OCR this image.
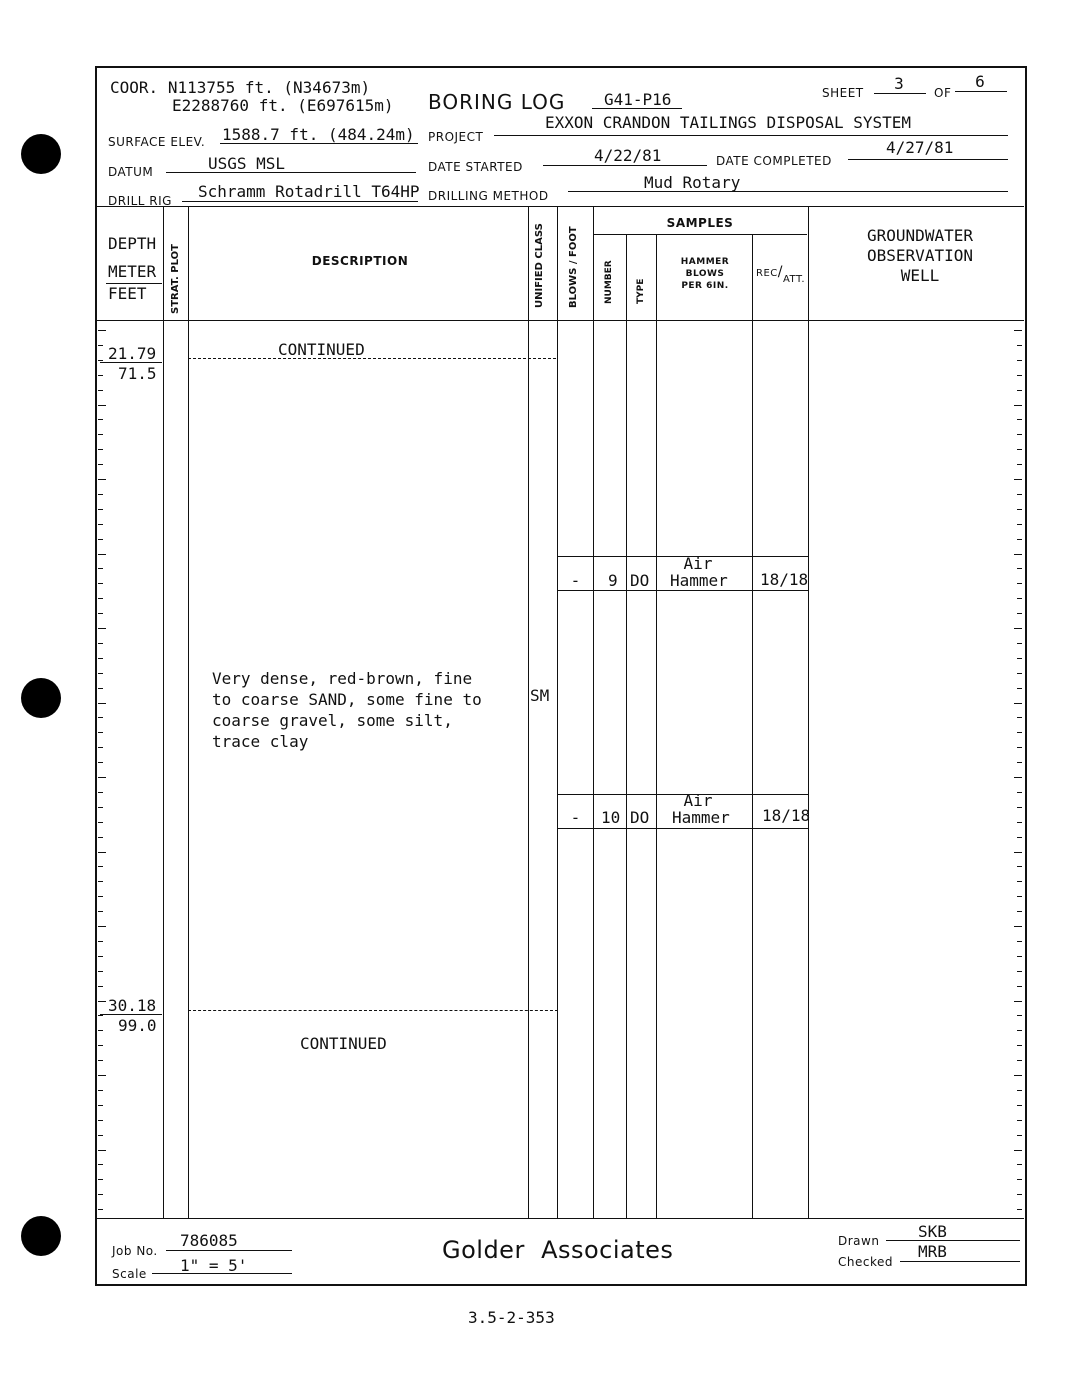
COOR. N113755 ft. (N34673m)
E2288760 ft. (E697615m) BORING LOG G41-P16	SHEET	3	OF
6
SURFACE ELEV. 1588.7 ft. (484.24m) PROJECT
EXXON CRANDON TAILINGS DISPOSAL SYSTEM
DATUM	USGS MSL	DATE STARTED
4/22/81	DATE COMPLETED
4/27/81
DRILL RIG Schramm Rotadrill T64HP DRILLING METHOD
Mud Rotary
DEPTH
METER
FEET STRAT. PLOT	DESCRIPTION	UNIFIED CLASS BLOWS / FOOT
SAMPLES
NUMBER TYPE
HAMMER
BLOWS
PER 6IN.
REC/ATT.
GROUNDWATER
OBSERVATION
WELL
21.79
71.5
CONTINUED
Very dense, red-brown, fine
to coarse SAND, some fine to
coarse gravel, some silt,
trace clay
SM
-	9 DO
Air
Hammer 18/18
-	10 DO
Air
Hammer 18/18
30.18
99.0
CONTINUED
Job No.
786085
Scale 1" = 5'
Golder  Associates	Drawn SKB
Checked
MRB
3.5-2-353
